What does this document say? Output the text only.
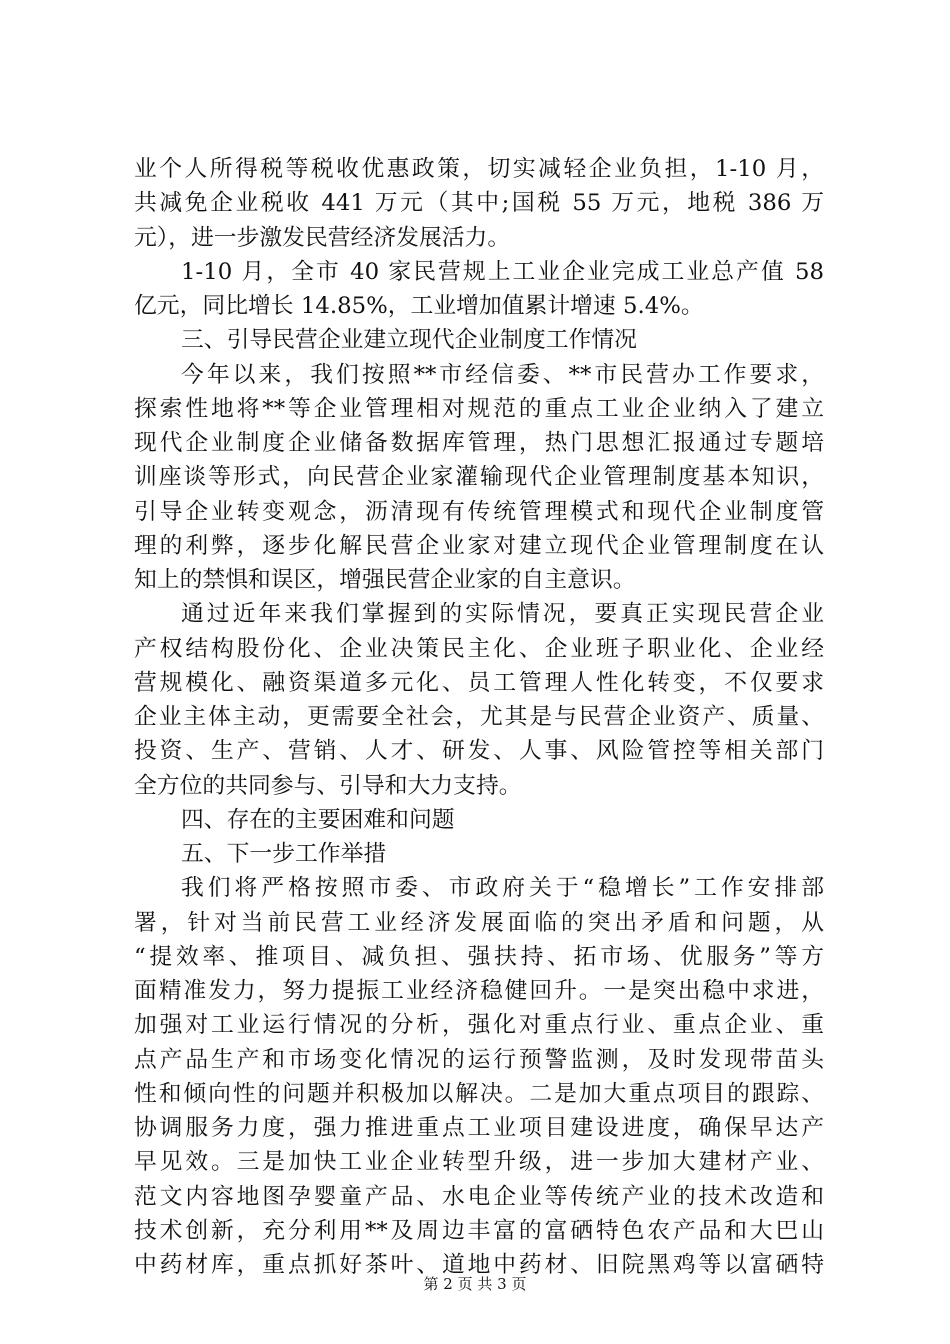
业个人所得税等税收优惠政策，切实减轻企业负担，1-10 月，
共减免企业税收 441 万元（其中;国税 55 万元，地税 386 万
元），进一步激发民营经济发展活力。
1-10 月，全市 40 家民营规上工业企业完成工业总产值 58
亿元，同比增长 14.85%，工业增加值累计增速 5.4%。
三、引导民营企业建立现代企业制度工作情况
今年以来，我们按照**市经信委、**市民营办工作要求，
探索性地将**等企业管理相对规范的重点工业企业纳入了建立
现代企业制度企业储备数据库管理，热门思想汇报通过专题培
训座谈等形式，向民营企业家灌输现代企业管理制度基本知识，
引导企业转变观念，沥清现有传统管理模式和现代企业制度管
理的利弊，逐步化解民营企业家对建立现代企业管理制度在认
知上的禁惧和误区，增强民营企业家的自主意识。
通过近年来我们掌握到的实际情况，要真正实现民营企业
产权结构股份化、企业决策民主化、企业班子职业化、企业经
营规模化、融资渠道多元化、员工管理人性化转变，不仅要求
企业主体主动，更需要全社会，尤其是与民营企业资产、质量、
投资、生产、营销、人才、研发、人事、风险管控等相关部门
全方位的共同参与、引导和大力支持。
四、存在的主要困难和问题
五、下一步工作举措
我们将严格按照市委、市政府关于“稳增长”工作安排部
署，针对当前民营工业经济发展面临的突出矛盾和问题，从
“提效率、推项目、减负担、强扶持、拓市场、优服务”等方
面精准发力，努力提振工业经济稳健回升。一是突出稳中求进，
加强对工业运行情况的分析，强化对重点行业、重点企业、重
点产品生产和市场变化情况的运行预警监测，及时发现带苗头
性和倾向性的问题并积极加以解决。二是加大重点项目的跟踪、
协调服务力度，强力推进重点工业项目建设进度，确保早达产
早见效。三是加快工业企业转型升级，进一步加大建材产业、
范文内容地图孕婴童产品、水电企业等传统产业的技术改造和
技术创新，充分利用**及周边丰富的富硒特色农产品和大巴山
中药材库，重点抓好茶叶、道地中药材、旧院黑鸡等以富硒特
第 2 页 共 3 页
